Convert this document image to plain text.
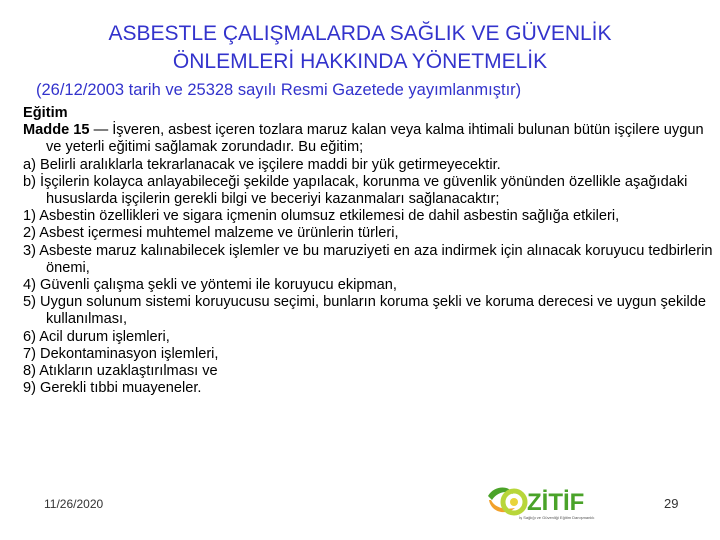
ASBESTLE ÇALIŞMALARDA SAĞLIK VE GÜVENLİK
ÖNLEMLERİ HAKKINDA YÖNETMELİK
(26/12/2003 tarih ve 25328 sayılı Resmi Gazetede yayımlanmıştır)

Eğitim

Madde 15 — İşveren, asbest içeren tozlara maruz kalan veya kalma ihtimali bulunan bütün işçilere uygun ve yeterli eğitimi sağlamak zorundadır. Bu eğitim;

a) Belirli aralıklarla tekrarlanacak ve işçilere maddi bir yük getirmeyecektir.

b) İşçilerin kolayca anlayabileceği şekilde yapılacak, korunma ve güvenlik yönünden özellikle aşağıdaki hususlarda işçilerin gerekli bilgi ve beceriyi kazanmaları sağlanacaktır;

1) Asbestin özellikleri ve sigara içmenin olumsuz etkilemesi de dahil asbestin sağlığa etkileri,

2) Asbest içermesi muhtemel malzeme ve ürünlerin türleri,

3) Asbeste maruz kalınabilecek işlemler ve bu maruziyeti en aza indirmek için alınacak koruyucu tedbirlerin önemi,

4) Güvenli çalışma şekli ve yöntemi ile koruyucu ekipman,

5) Uygun solunum sistemi koruyucusu seçimi, bunların koruma şekli ve koruma derecesi ve uygun şekilde kullanılması,

6) Acil durum işlemleri,

7) Dekontaminasyon işlemleri,

8) Atıkların uzaklaştırılması ve

9) Gerekli tıbbi muayeneler.

11/26/2020	ZİTİF
İş Sağlığı ve Güvenliği Eğitim Danışmanlık
29
